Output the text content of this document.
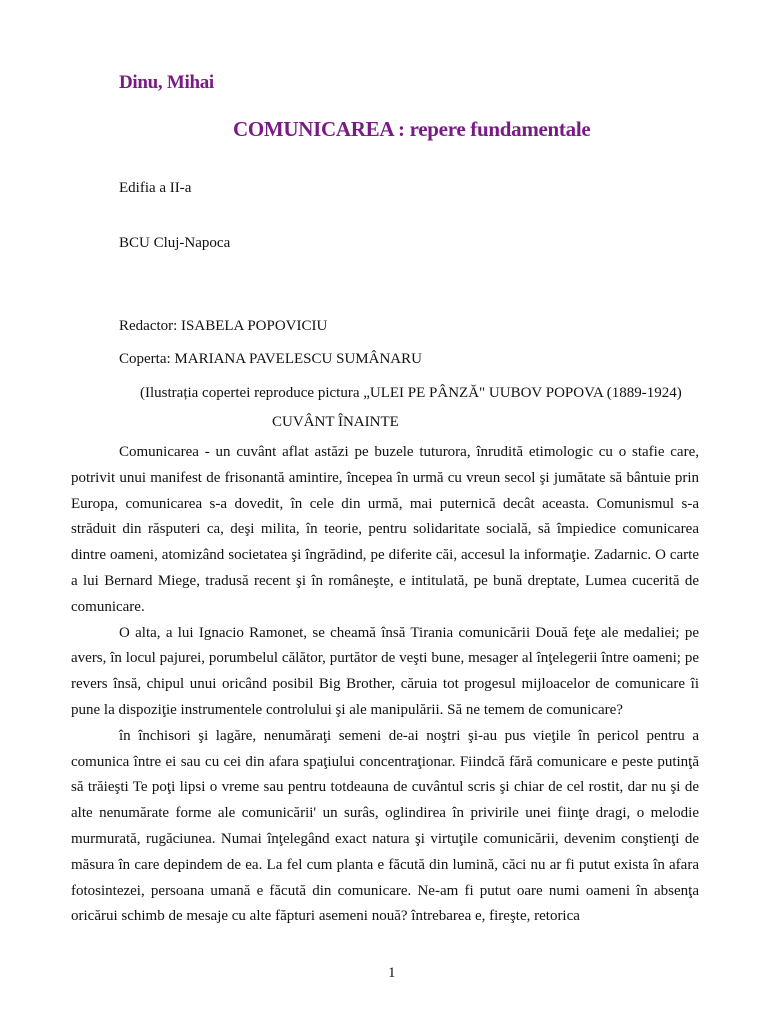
Dinu, Mihai
COMUNICAREA : repere fundamentale
Edifia a II-a
BCU Cluj-Napoca
Redactor: ISABELA POPOVICIU
Coperta: MARIANA PAVELESCU SUMÂNARU
(Ilustrația copertei reproduce pictura „ULEI PE PÂNZĂ" UUBOV POPOVA (1889-1924)
CUVÂNT ÎNAINTE

Comunicarea - un cuvânt aflat astăzi pe buzele tuturora, înrudită etimologic cu o stafie care, potrivit unui manifest de frisonantă amintire, începea în urmă cu vreun secol şi jumătate să bântuie prin Europa, comunicarea s-a dovedit, în cele din urmă, mai puternică decât aceasta. Comunismul s-a străduit din răsputeri ca, deşi milita, în teorie, pentru solidaritate socială, să împiedice comunicarea dintre oameni, atomizând societatea şi îngrădind, pe diferite căi, accesul la informaţie. Zadarnic. O carte a lui Bernard Miege, tradusă recent şi în româneşte, e intitulată, pe bună dreptate, Lumea cucerită de comunicare.

O alta, a lui Ignacio Ramonet, se cheamă însă Tirania comunicării Două feţe ale medaliei; pe avers, în locul pajurei, porumbelul călător, purtător de veşti bune, mesager al înţelegerii între oameni; pe revers însă, chipul unui oricând posibil Big Brother, căruia tot progesul mijloacelor de comunicare îi pune la dispoziţie instrumentele controlului şi ale manipulării. Să ne temem de comunicare?

în închisori şi lagăre, nenumăraţi semeni de-ai noştri şi-au pus vieţile în pericol pentru a comunica între ei sau cu cei din afara spaţiului concentraţionar. Fiindcă fără comunicare e peste putinţă să trăieşti Te poţi lipsi o vreme sau pentru totdeauna de cuvântul scris şi chiar de cel rostit, dar nu şi de alte nenumărate forme ale comunicării' un surâs, oglindirea în privirile unei fiinţe dragi, o melodie murmurată, rugăciunea. Numai înţelegând exact natura şi virtuţile comunicării, devenim conştienţi de măsura în care depindem de ea. La fel cum planta e făcută din lumină, căci nu ar fi putut exista în afara fotosintezei, persoana umană e făcută din comunicare. Ne-am fi putut oare numi oameni în absenţa oricărui schimb de mesaje cu alte făpturi asemeni nouă? întrebarea e, fireşte, retorica

1
